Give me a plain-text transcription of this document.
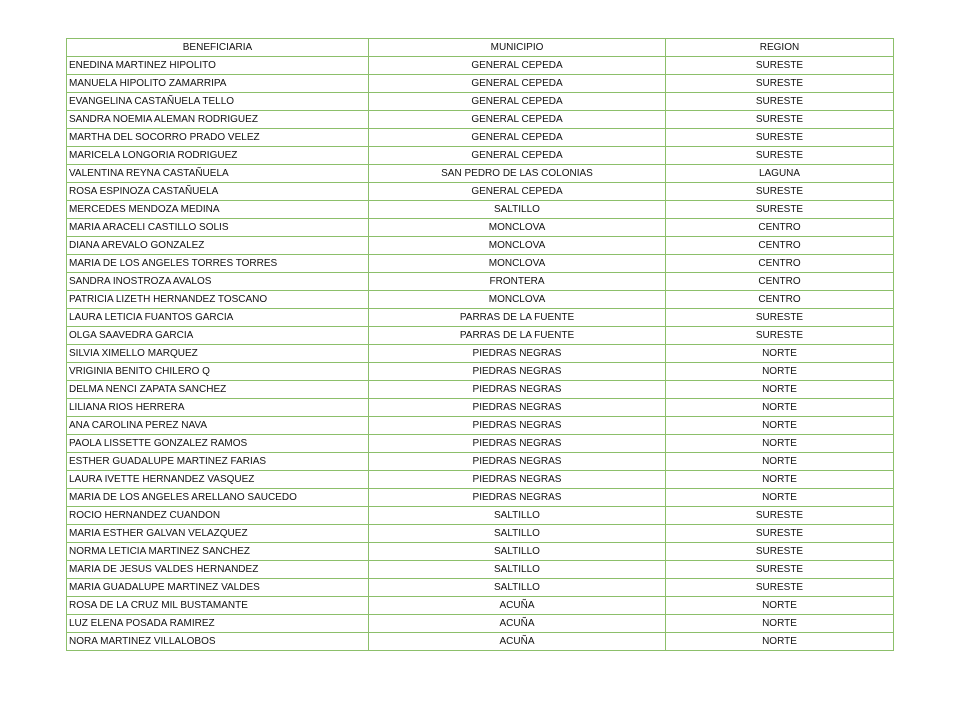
BENEFICIARIA	MUNICIPIO	REGION
ENEDINA MARTINEZ HIPOLITO	GENERAL CEPEDA	SURESTE
MANUELA HIPOLITO ZAMARRIPA	GENERAL CEPEDA	SURESTE
EVANGELINA CASTAÑUELA TELLO	GENERAL CEPEDA	SURESTE
SANDRA NOEMIA ALEMAN RODRIGUEZ	GENERAL CEPEDA	SURESTE
MARTHA DEL SOCORRO PRADO VELEZ	GENERAL CEPEDA	SURESTE
MARICELA LONGORIA RODRIGUEZ	GENERAL CEPEDA	SURESTE
VALENTINA REYNA CASTAÑUELA	SAN PEDRO DE LAS COLONIAS	LAGUNA
ROSA ESPINOZA CASTAÑUELA	GENERAL CEPEDA	SURESTE
MERCEDES MENDOZA MEDINA	SALTILLO	SURESTE
MARIA ARACELI CASTILLO SOLIS	MONCLOVA	CENTRO
DIANA AREVALO GONZALEZ	MONCLOVA	CENTRO
MARIA DE LOS ANGELES TORRES TORRES	MONCLOVA	CENTRO
SANDRA INOSTROZA AVALOS	FRONTERA	CENTRO
PATRICIA LIZETH HERNANDEZ TOSCANO	MONCLOVA	CENTRO
LAURA LETICIA FUANTOS GARCIA	PARRAS DE LA FUENTE	SURESTE
OLGA SAAVEDRA GARCIA	PARRAS DE LA FUENTE	SURESTE
SILVIA XIMELLO MARQUEZ	PIEDRAS NEGRAS	NORTE
VRIGINIA BENITO CHILERO Q	PIEDRAS NEGRAS	NORTE
DELMA NENCI ZAPATA SANCHEZ	PIEDRAS NEGRAS	NORTE
LILIANA RIOS HERRERA	PIEDRAS NEGRAS	NORTE
ANA CAROLINA PEREZ NAVA	PIEDRAS NEGRAS	NORTE
PAOLA LISSETTE GONZALEZ RAMOS	PIEDRAS NEGRAS	NORTE
ESTHER GUADALUPE MARTINEZ FARIAS	PIEDRAS NEGRAS	NORTE
LAURA IVETTE HERNANDEZ VASQUEZ	PIEDRAS NEGRAS	NORTE
MARIA DE LOS ANGELES ARELLANO SAUCEDO	PIEDRAS NEGRAS	NORTE
ROCIO HERNANDEZ CUANDON	SALTILLO	SURESTE
MARIA ESTHER GALVAN VELAZQUEZ	SALTILLO	SURESTE
NORMA LETICIA MARTINEZ SANCHEZ	SALTILLO	SURESTE
MARIA DE JESUS VALDES HERNANDEZ	SALTILLO	SURESTE
MARIA GUADALUPE MARTINEZ VALDES	SALTILLO	SURESTE
ROSA DE LA CRUZ MIL BUSTAMANTE	ACUÑA	NORTE
LUZ ELENA POSADA RAMIREZ	ACUÑA	NORTE
NORA MARTINEZ VILLALOBOS	ACUÑA	NORTE
